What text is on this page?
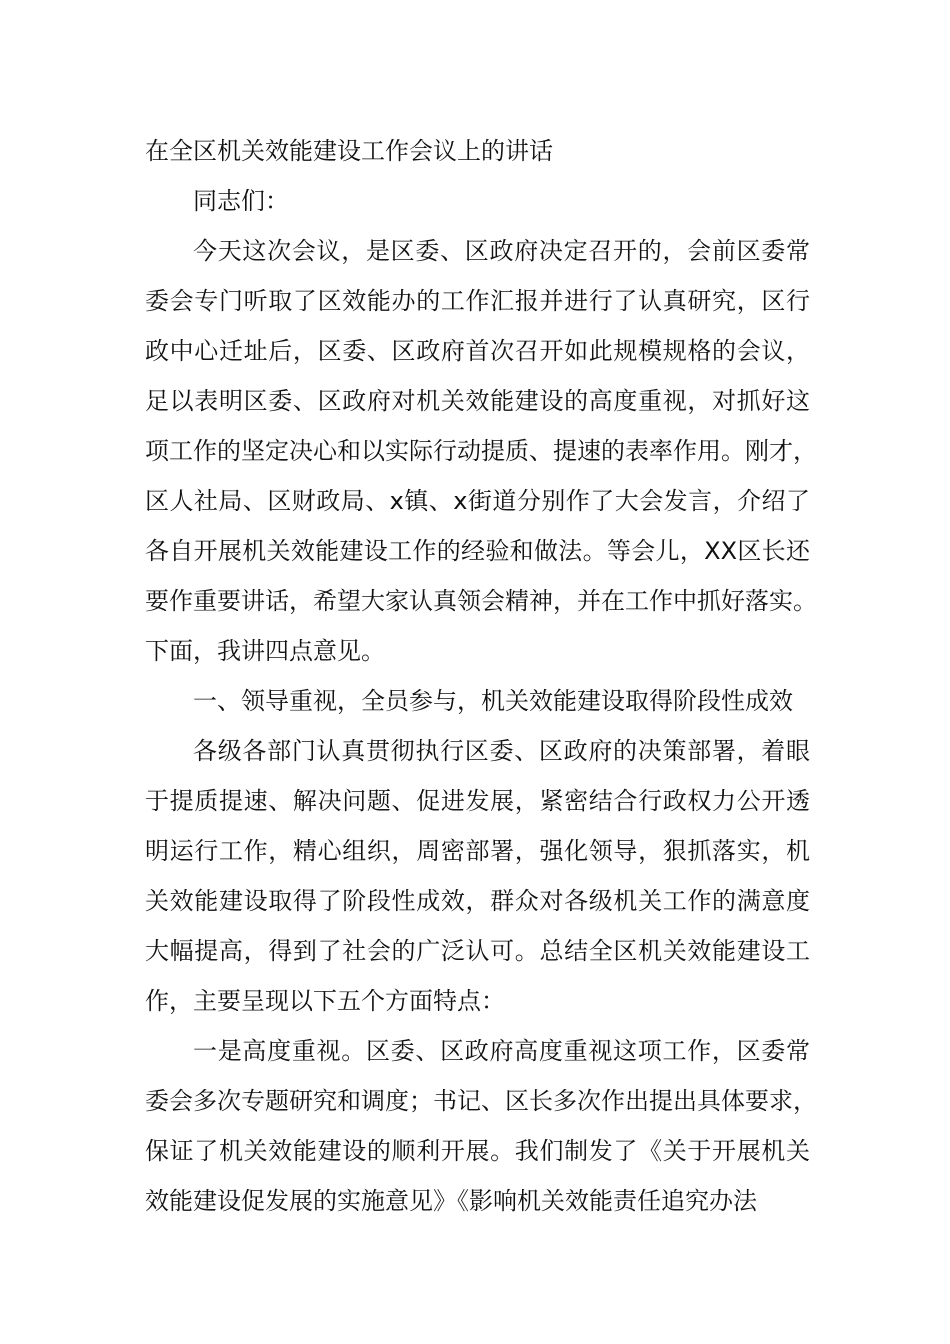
在全区机关效能建设工作会议上的讲话

同志们：

今天这次会议，是区委、区政府决定召开的，会前区委常
委会专门听取了区效能办的工作汇报并进行了认真研究，区行
政中心迁址后，区委、区政府首次召开如此规模规格的会议，
足以表明区委、区政府对机关效能建设的高度重视，对抓好这
项工作的坚定决心和以实际行动提质、提速的表率作用。刚才，
区人社局、区财政局、x镇、x街道分别作了大会发言，介绍了
各自开展机关效能建设工作的经验和做法。等会儿，XX区长还
要作重要讲话，希望大家认真领会精神，并在工作中抓好落实。
下面，我讲四点意见。

一、领导重视，全员参与，机关效能建设取得阶段性成效

各级各部门认真贯彻执行区委、区政府的决策部署，着眼
于提质提速、解决问题、促进发展，紧密结合行政权力公开透
明运行工作，精心组织，周密部署，强化领导，狠抓落实，机
关效能建设取得了阶段性成效，群众对各级机关工作的满意度
大幅提高，得到了社会的广泛认可。总结全区机关效能建设工
作，主要呈现以下五个方面特点：

一是高度重视。区委、区政府高度重视这项工作，区委常
委会多次专题研究和调度；书记、区长多次作出提出具体要求，
保证了机关效能建设的顺利开展。我们制发了《关于开展机关
效能建设促发展的实施意见》《影响机关效能责任追究办法
